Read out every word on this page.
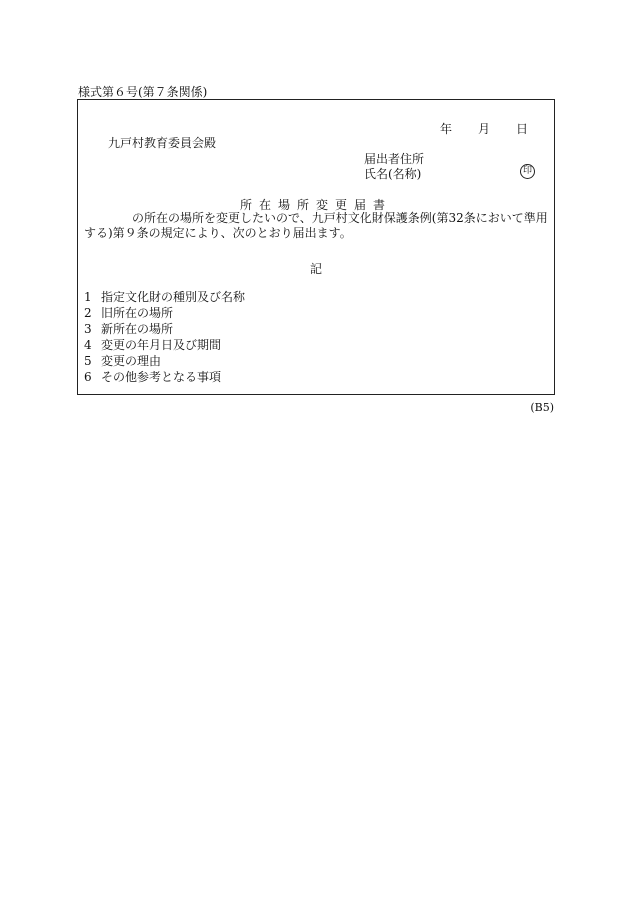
様式第６号(第７条関係)
年 月 日
九戸村教育委員会殿
届出者住所
氏名(名称)	印
所在場所変更届書
の所在の場所を変更したいので、九戸村文化財保護条例(第32条において準用する)第９条の規定により、次のとおり届出ます。
記
1 指定文化財の種別及び名称
2 旧所在の場所
3 新所在の場所
4 変更の年月日及び期間
5 変更の理由
6 その他参考となる事項
(B5)
